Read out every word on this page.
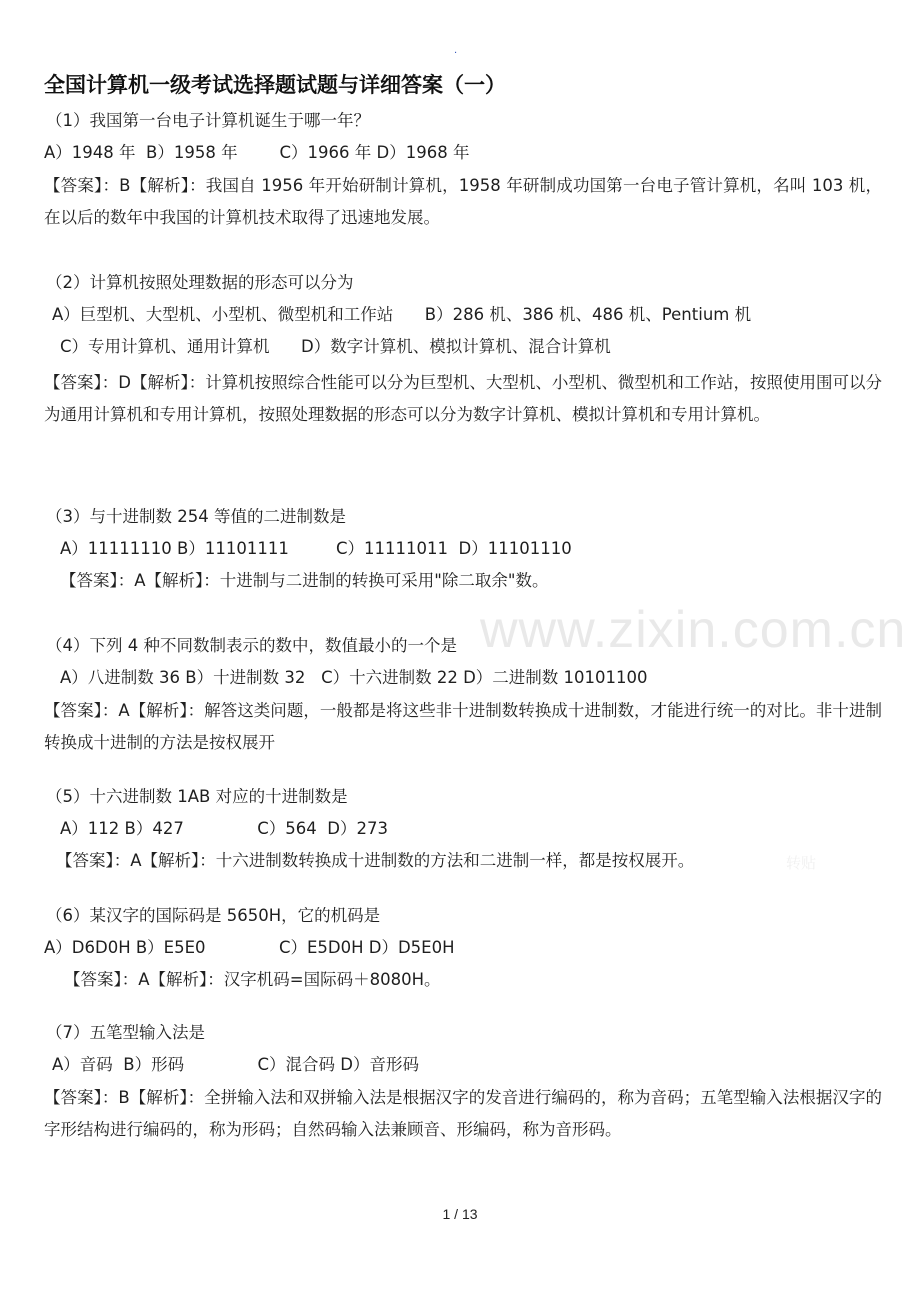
·
www.zixin.com.cn
全国计算机一级考试选择题试题与详细答案（一）
（1）我国第一台电子计算机诞生于哪一年？
A）1948 年  B）1958 年        C）1966 年 D）1968 年
【答案】：B【解析】：我国自 1956 年开始研制计算机，1958 年研制成功国第一台电子管计算机，名叫 103 机，在以后的数年中我国的计算机技术取得了迅速地发展。
（2）计算机按照处理数据的形态可以分为
A）巨型机、大型机、小型机、微型机和工作站      B）286 机、386 机、486 机、Pentium 机
C）专用计算机、通用计算机      D）数字计算机、模拟计算机、混合计算机
【答案】：D【解析】：计算机按照综合性能可以分为巨型机、大型机、小型机、微型机和工作站，按照使用围可以分为通用计算机和专用计算机，按照处理数据的形态可以分为数字计算机、模拟计算机和专用计算机。
（3）与十进制数 254 等值的二进制数是
A）11111110 B）11101111         C）11111011  D）11101110
【答案】：A【解析】：十进制与二进制的转换可采用"除二取余"数。
（4）下列 4 种不同数制表示的数中，数值最小的一个是
A）八进制数 36 B）十进制数 32   C）十六进制数 22 D）二进制数 10101100
【答案】：A【解析】：解答这类问题，一般都是将这些非十进制数转换成十进制数，才能进行统一的对比。非十进制转换成十进制的方法是按权展开
（5）十六进制数 1AB 对应的十进制数是
A）112 B）427              C）564  D）273
【答案】：A【解析】：十六进制数转换成十进制数的方法和二进制一样，都是按权展开。	转贴
（6）某汉字的国际码是 5650H，它的机码是
A）D6D0H B）E5E0              C）E5D0H D）D5E0H
【答案】：A【解析】：汉字机码=国际码＋8080H。
（7）五笔型输入法是
A）音码  B）形码              C）混合码 D）音形码
【答案】：B【解析】：全拼输入法和双拼输入法是根据汉字的发音进行编码的，称为音码；五笔型输入法根据汉字的字形结构进行编码的，称为形码；自然码输入法兼顾音、形编码，称为音形码。
1 / 13
